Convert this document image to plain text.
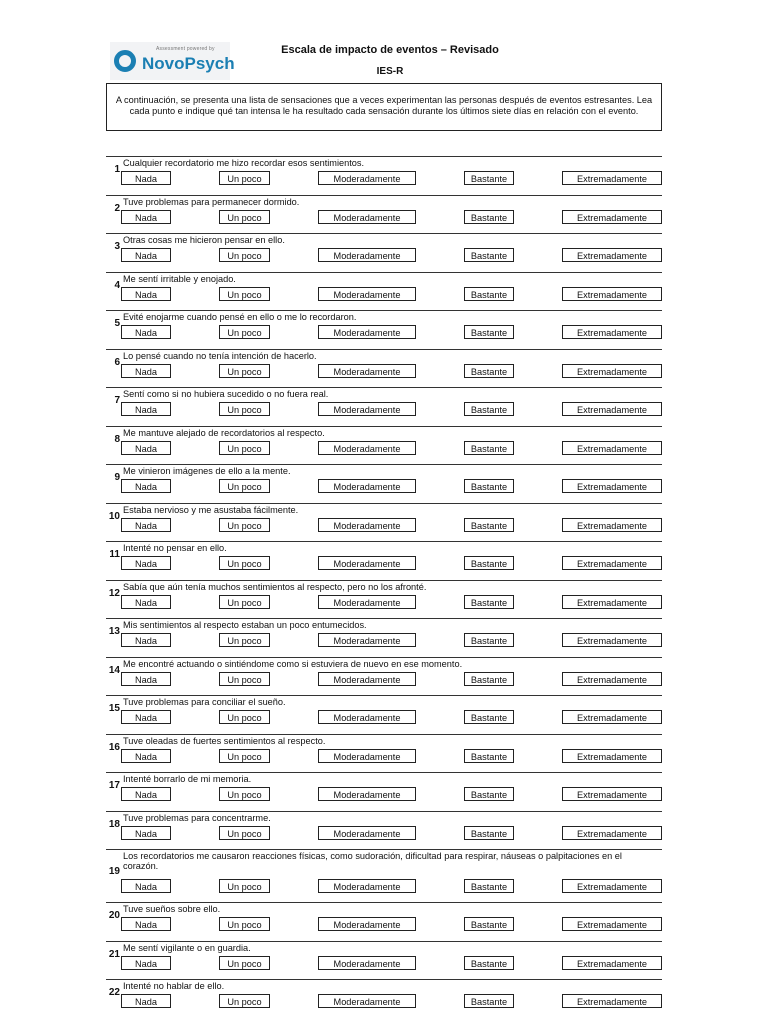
Assessment powered by
NovoPsych
Escala de impacto de eventos – Revisado
IES-R
A continuación, se presenta una lista de sensaciones que a veces experimentan las personas después de eventos estresantes. Lea cada punto e indique qué tan intensa le ha resultado cada sensación durante los últimos siete días en relación con el evento.
1
Cualquier recordatorio me hizo recordar esos sentimientos.
Nada	Un poco	Moderadamente	Bastante	Extremadamente
2
Tuve problemas para permanecer dormido.
Nada	Un poco	Moderadamente	Bastante	Extremadamente
3
Otras cosas me hicieron pensar en ello.
Nada	Un poco	Moderadamente	Bastante	Extremadamente
4
Me sentí irritable y enojado.
Nada	Un poco	Moderadamente	Bastante	Extremadamente
5
Evité enojarme cuando pensé en ello o me lo recordaron.
Nada	Un poco	Moderadamente	Bastante	Extremadamente
6
Lo pensé cuando no tenía intención de hacerlo.
Nada	Un poco	Moderadamente	Bastante	Extremadamente
7
Sentí como si no hubiera sucedido o no fuera real.
Nada	Un poco	Moderadamente	Bastante	Extremadamente
8
Me mantuve alejado de recordatorios al respecto.
Nada	Un poco	Moderadamente	Bastante	Extremadamente
9
Me vinieron imágenes de ello a la mente.
Nada	Un poco	Moderadamente	Bastante	Extremadamente
10
Estaba nervioso y me asustaba fácilmente.
Nada	Un poco	Moderadamente	Bastante	Extremadamente
11
Intenté no pensar en ello.
Nada	Un poco	Moderadamente	Bastante	Extremadamente
12
Sabía que aún tenía muchos sentimientos al respecto, pero no los afronté.
Nada	Un poco	Moderadamente	Bastante	Extremadamente
13
Mis sentimientos al respecto estaban un poco entumecidos.
Nada	Un poco	Moderadamente	Bastante	Extremadamente
14
Me encontré actuando o sintiéndome como si estuviera de nuevo en ese momento.
Nada	Un poco	Moderadamente	Bastante	Extremadamente
15
Tuve problemas para conciliar el sueño.
Nada	Un poco	Moderadamente	Bastante	Extremadamente
16
Tuve oleadas de fuertes sentimientos al respecto.
Nada	Un poco	Moderadamente	Bastante	Extremadamente
17
Intenté borrarlo de mi memoria.
Nada	Un poco	Moderadamente	Bastante	Extremadamente
18
Tuve problemas para concentrarme.
Nada	Un poco	Moderadamente	Bastante	Extremadamente
19
Los recordatorios me causaron reacciones físicas, como sudoración, dificultad para respirar, náuseas o palpitaciones en el corazón.
Nada	Un poco	Moderadamente	Bastante	Extremadamente
20
Tuve sueños sobre ello.
Nada	Un poco	Moderadamente	Bastante	Extremadamente
21
Me sentí vigilante o en guardia.
Nada	Un poco	Moderadamente	Bastante	Extremadamente
22
Intenté no hablar de ello.
Nada	Un poco	Moderadamente	Bastante	Extremadamente
